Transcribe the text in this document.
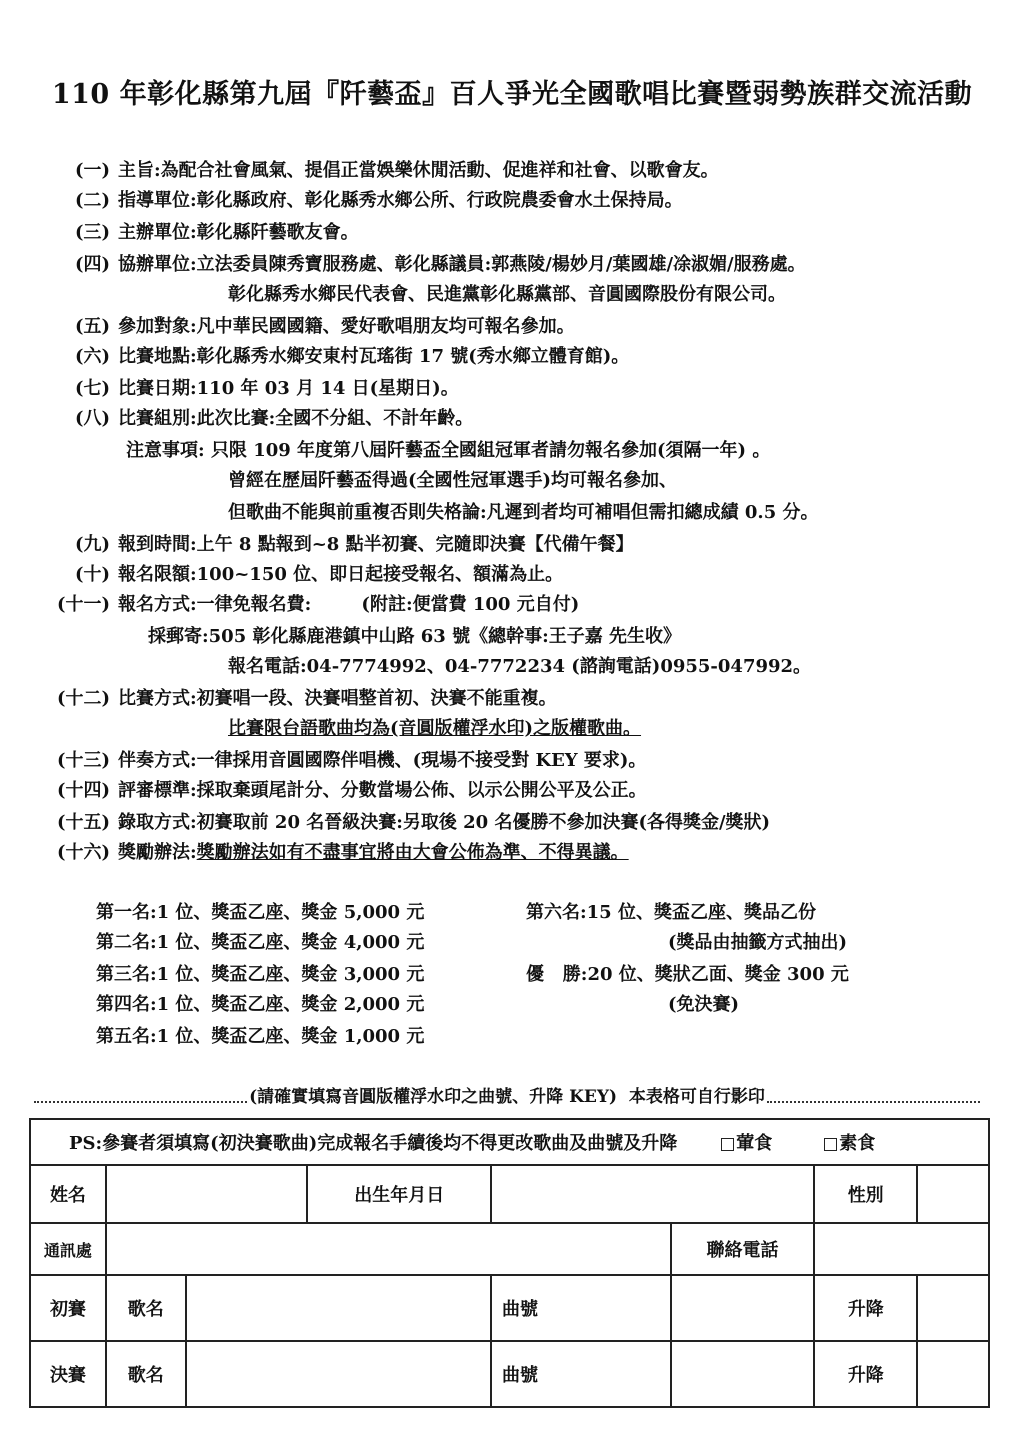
110 年彰化縣第九屆『阡藝盃』百人爭光全國歌唱比賽暨弱勢族群交流活動
(一) 主旨:為配合社會風氣、提倡正當娛樂休閒活動、促進祥和社會、以歌會友。
(二) 指導單位:彰化縣政府、彰化縣秀水鄉公所、行政院農委會水土保持局。
(三) 主辦單位:彰化縣阡藝歌友會。
(四) 協辦單位:立法委員陳秀寶服務處、彰化縣議員:郭燕陵/楊妙月/葉國雄/凃淑媚/服務處。
彰化縣秀水鄉民代表會、民進黨彰化縣黨部、音圓國際股份有限公司。
(五) 參加對象:凡中華民國國籍、愛好歌唱朋友均可報名參加。
(六) 比賽地點:彰化縣秀水鄉安東村瓦瑤街 17 號(秀水鄉立體育館)。
(七) 比賽日期:110 年 03 月 14 日(星期日)。
(八) 比賽組別:此次比賽:全國不分組、不計年齡。
注意事項: 只限 109 年度第八屆阡藝盃全國組冠軍者請勿報名參加(須隔一年) 。
曾經在歷屆阡藝盃得過(全國性冠軍選手)均可報名參加、
但歌曲不能與前重複否則失格論:凡遲到者均可補唱但需扣總成績 0.5 分。
(九) 報到時間:上午 8 點報到~8 點半初賽、完隨即決賽【代備午餐】
(十) 報名限額:100~150 位、即日起接受報名、額滿為止。
(十一) 報名方式:一律免報名費:        (附註:便當費 100 元自付)
採郵寄:505 彰化縣鹿港鎮中山路 63 號《總幹事:王子嘉 先生收》
報名電話:04-7774992、04-7772234 (諮詢電話)0955-047992。
(十二) 比賽方式:初賽唱一段、決賽唱整首初、決賽不能重複。
比賽限台語歌曲均為(音圓版權浮水印)之版權歌曲。
(十三) 伴奏方式:一律採用音圓國際伴唱機、(現場不接受對 KEY 要求)。
(十四) 評審標準:採取棄頭尾計分、分數當場公佈、以示公開公平及公正。
(十五) 錄取方式:初賽取前 20 名晉級決賽:另取後 20 名優勝不參加決賽(各得獎金/獎狀)
(十六) 獎勵辦法:獎勵辦法如有不盡事宜將由大會公佈為準、不得異議。
第一名:1 位、獎盃乙座、獎金 5,000 元
第二名:1 位、獎盃乙座、獎金 4,000 元
第三名:1 位、獎盃乙座、獎金 3,000 元
第四名:1 位、獎盃乙座、獎金 2,000 元
第五名:1 位、獎盃乙座、獎金 1,000 元
第六名:15 位、獎盃乙座、獎品乙份
(獎品由抽籤方式抽出)
優   勝:20 位、獎狀乙面、獎金 300 元
(免決賽)
(請確實填寫音圓版權浮水印之曲號、升降 KEY)  本表格可自行影印
PS:參賽者須填寫(初決賽歌曲)完成報名手續後均不得更改歌曲及曲號及升降 葷食 素食							

姓名			出生年月日			性別	
通訊處					聯絡電話		
初賽	歌名			曲號		升降	
決賽	歌名			曲號		升降	
